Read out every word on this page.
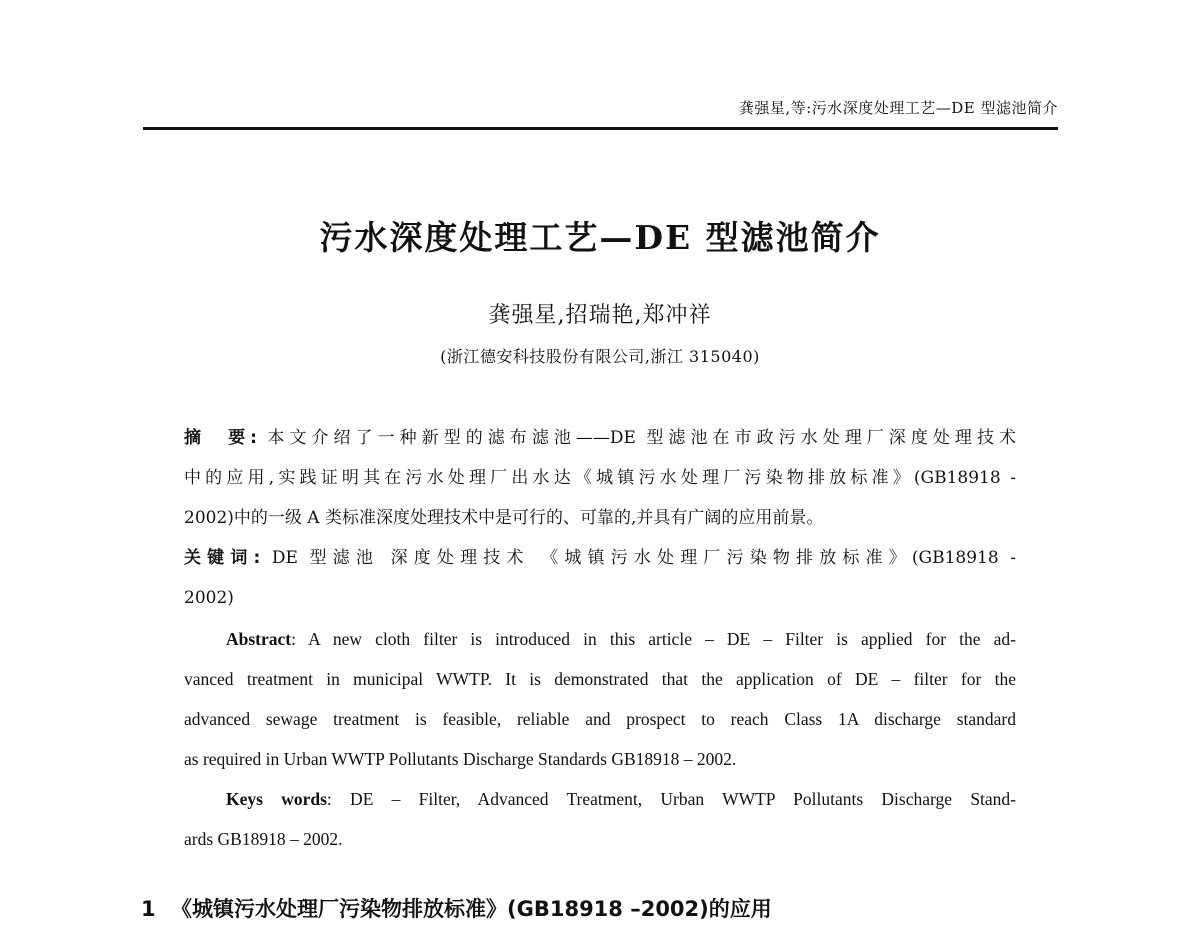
龚强星,等:污水深度处理工艺—DE 型滤池简介
污水深度处理工艺—DE 型滤池简介
龚强星,招瑞艳,郑冲祥
(浙江德安科技股份有限公司,浙江 315040)
摘　要: 本文介绍了一种新型的滤布滤池——DE 型滤池在市政污水处理厂深度处理技术
中的应用,实践证明其在污水处理厂出水达《城镇污水处理厂污染物排放标准》(GB18918 -
2002)中的一级 A 类标准深度处理技术中是可行的、可靠的,并具有广阔的应用前景。
关键词: DE 型滤池 深度处理技术 《城镇污水处理厂污染物排放标准》(GB18918 -
2002)
Abstract: A new cloth filter is introduced in this article – DE – Filter is applied for the ad-
vanced treatment in municipal WWTP. It is demonstrated that the application of DE – filter for the
advanced sewage treatment is feasible, reliable and prospect to reach Class 1A discharge standard
as required in Urban WWTP Pollutants Discharge Standards GB18918 – 2002.
Keys words: DE – Filter, Advanced Treatment, Urban WWTP Pollutants Discharge Stand-
ards GB18918 – 2002.
1 《城镇污水处理厂污染物排放标准》(GB18918 –2002)的应用
